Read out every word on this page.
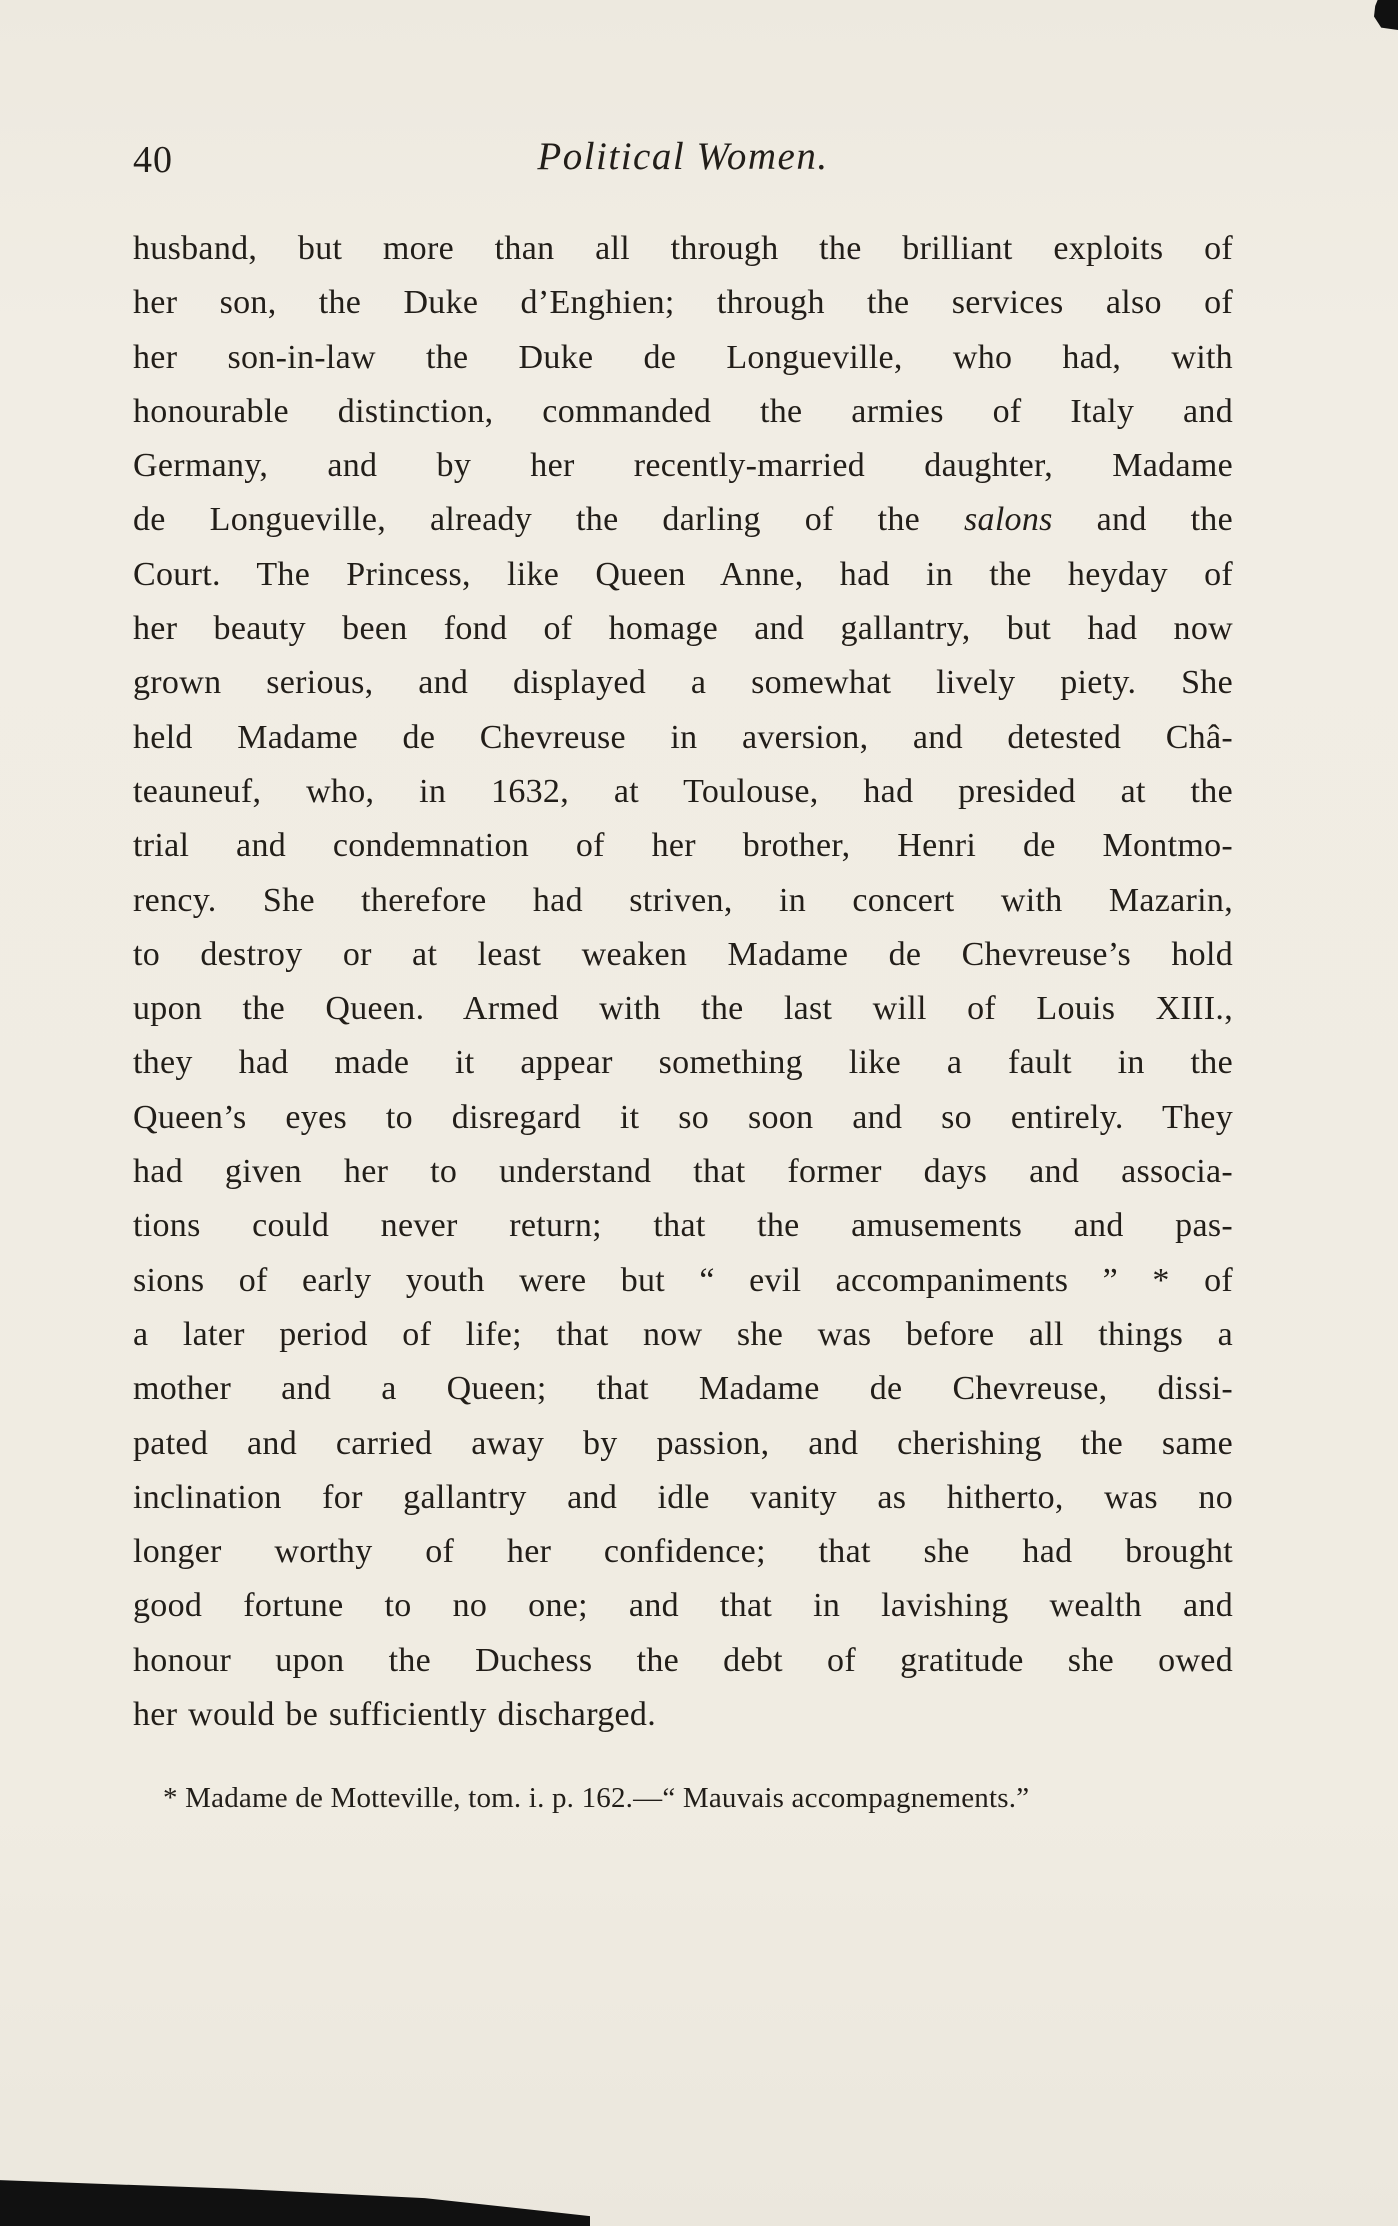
40	Political Women.
husband, but more than all through the brilliant exploits of
her son, the Duke d’Enghien; through the services also of
her son-in-law the Duke de Longueville, who had, with
honourable distinction, commanded the armies of Italy and
Germany, and by her recently-married daughter, Madame
de Longueville, already the darling of the salons and the
Court. The Princess, like Queen Anne, had in the heyday of
her beauty been fond of homage and gallantry, but had now
grown serious, and displayed a somewhat lively piety. She
held Madame de Chevreuse in aversion, and detested Châ-
teauneuf, who, in 1632, at Toulouse, had presided at the
trial and condemnation of her brother, Henri de Montmo-
rency. She therefore had striven, in concert with Mazarin,
to destroy or at least weaken Madame de Chevreuse’s hold
upon the Queen. Armed with the last will of Louis XIII.,
they had made it appear something like a fault in the
Queen’s eyes to disregard it so soon and so entirely. They
had given her to understand that former days and associa-
tions could never return; that the amusements and pas-
sions of early youth were but “ evil accompaniments ” * of
a later period of life; that now she was before all things a
mother and a Queen; that Madame de Chevreuse, dissi-
pated and carried away by passion, and cherishing the same
inclination for gallantry and idle vanity as hitherto, was no
longer worthy of her confidence; that she had brought
good fortune to no one; and that in lavishing wealth and
honour upon the Duchess the debt of gratitude she owed
her would be sufficiently discharged.
* Madame de Motteville, tom. i. p. 162.—“ Mauvais accompagnements.”
